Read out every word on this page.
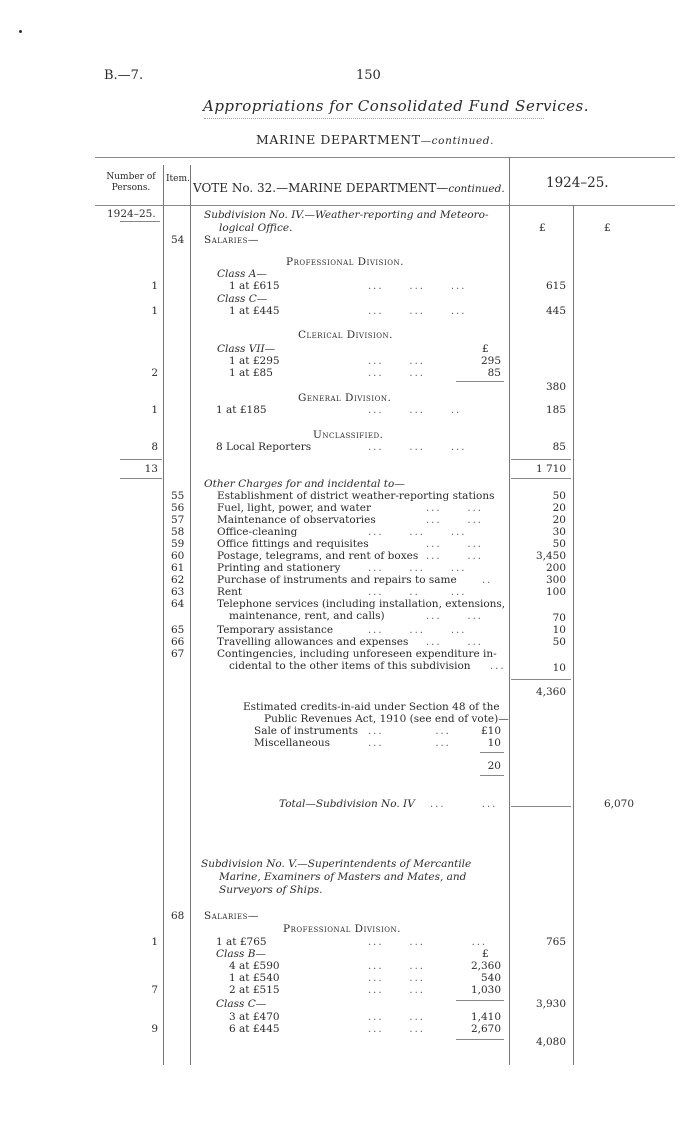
B.—7.	150
Appropriations for Consolidated Fund Services.
MARINE DEPARTMENT—continued.
Number of Persons.
Item.
VOTE No. 32.—MARINE DEPARTMENT—continued.	1924–25.
1924–25.	Subdivision No. IV.—Weather-reporting and Meteoro-
logical Office.	£	£
54 Salaries—
Professional Division.
Class A—
1	1 at £615	...     ...     ...	615
Class C—
1	1 at £445	...     ...     ...	445
Clerical Division.
Class VII—	£
1 at £295	...     ...	295
2	1 at £85	...     ...	85
380
General Division.
1	1 at £185	...     ...     ..	185
Unclassified.
8	8 Local Reporters	...     ...     ...	85
13	1 710
Other Charges for and incidental to—
55	Establishment of district weather-reporting stations	50
56	Fuel, light, power, and water	...     ...	20
57	Maintenance of observatories	...     ...	20
58	Office-cleaning	...     ...     ...	30
59	Office fittings and requisites	...     ...	50
60	Postage, telegrams, and rent of boxes ...     ...	3,450
61	Printing and stationery	...     ...     ...	200
62	Purchase of instruments and repairs to same	..	300
63	Rent	...     ..      ...	100
64	Telephone services (including installation, extensions,
maintenance, rent, and calls)	...     ...	70
65	Temporary assistance	...     ...     ...	10
66	Travelling allowances and expenses ...     ...	50
67	Contingencies, including unforeseen expenditure in-
cidental to the other items of this subdivision ...	10
4,360
Estimated credits-in-aid under Section 48 of the
Public Revenues Act, 1910 (see end of vote)—
Sale of instruments ...          ...	£10
Miscellaneous	...          ...	10
20
Total—Subdivision No. IV ...       ...	6,070
Subdivision No. V.—Superintendents of Mercantile
Marine, Examiners of Masters and Mates, and
Surveyors of Ships.
68 Salaries—
Professional Division.
1	1 at £765	...     ...         ...	765
Class B—	£
4 at £590	...     ...	2,360
1 at £540	...     ...	540
7	2 at £515	...     ...	1,030
3,930
Class C—
3 at £470	...     ...	1,410
9	6 at £445	...     ...	2,670
4,080
